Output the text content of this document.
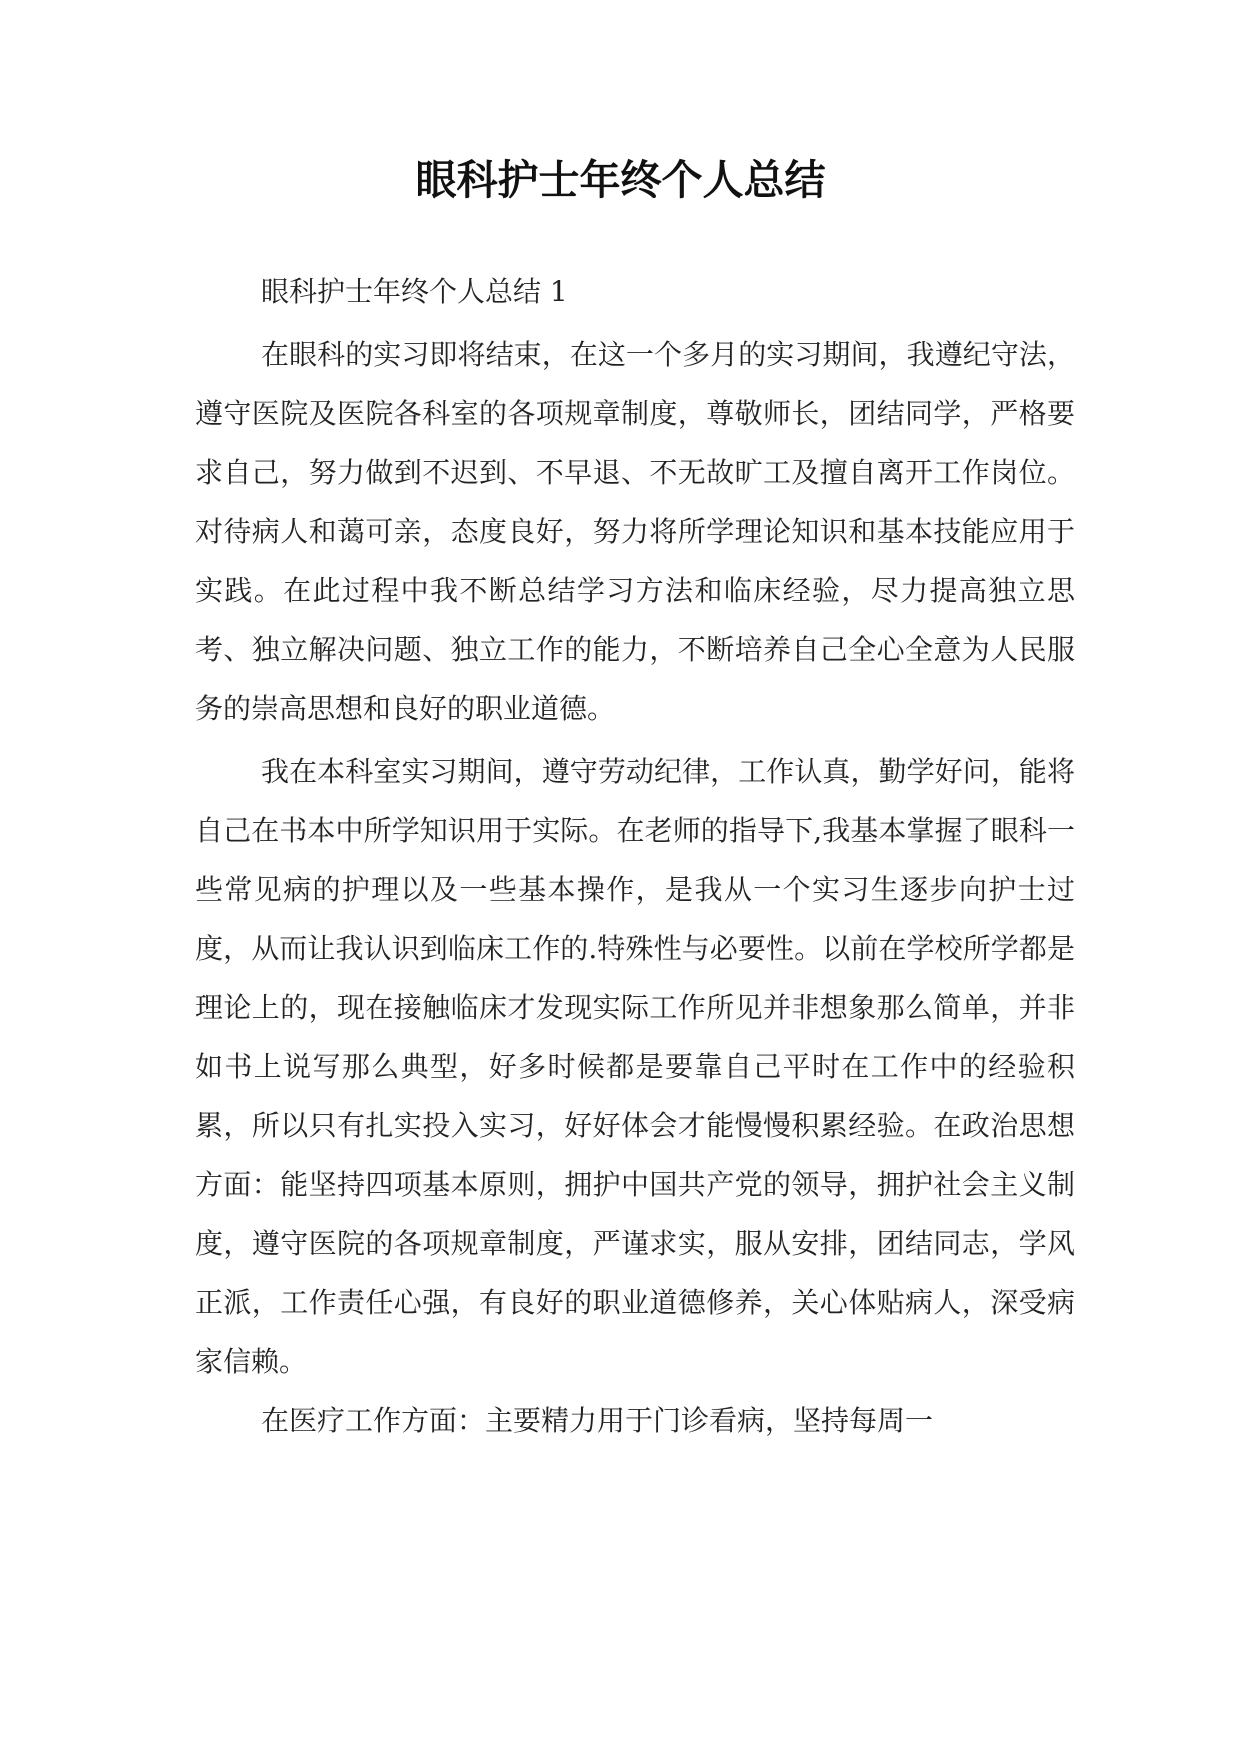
眼科护士年终个人总结

眼科护士年终个人总结 1

在眼科的实习即将结束，在这一个多月的实习期间，我遵纪守法，遵守医院及医院各科室的各项规章制度，尊敬师长，团结同学，严格要求自己，努力做到不迟到、不早退、不无故旷工及擅自离开工作岗位。对待病人和蔼可亲，态度良好，努力将所学理论知识和基本技能应用于实践。在此过程中我不断总结学习方法和临床经验，尽力提高独立思考、独立解决问题、独立工作的能力，不断培养自己全心全意为人民服务的崇高思想和良好的职业道德。

我在本科室实习期间，遵守劳动纪律，工作认真，勤学好问，能将自己在书本中所学知识用于实际。在老师的指导下,我基本掌握了眼科一些常见病的护理以及一些基本操作，是我从一个实习生逐步向护士过度，从而让我认识到临床工作的.特殊性与必要性。以前在学校所学都是理论上的，现在接触临床才发现实际工作所见并非想象那么简单，并非如书上说写那么典型，好多时候都是要靠自己平时在工作中的经验积累，所以只有扎实投入实习，好好体会才能慢慢积累经验。在政治思想方面：能坚持四项基本原则，拥护中国共产党的领导，拥护社会主义制度，遵守医院的各项规章制度，严谨求实，服从安排，团结同志，学风正派，工作责任心强，有良好的职业道德修养，关心体贴病人，深受病家信赖。

在医疗工作方面：主要精力用于门诊看病，坚持每周一
